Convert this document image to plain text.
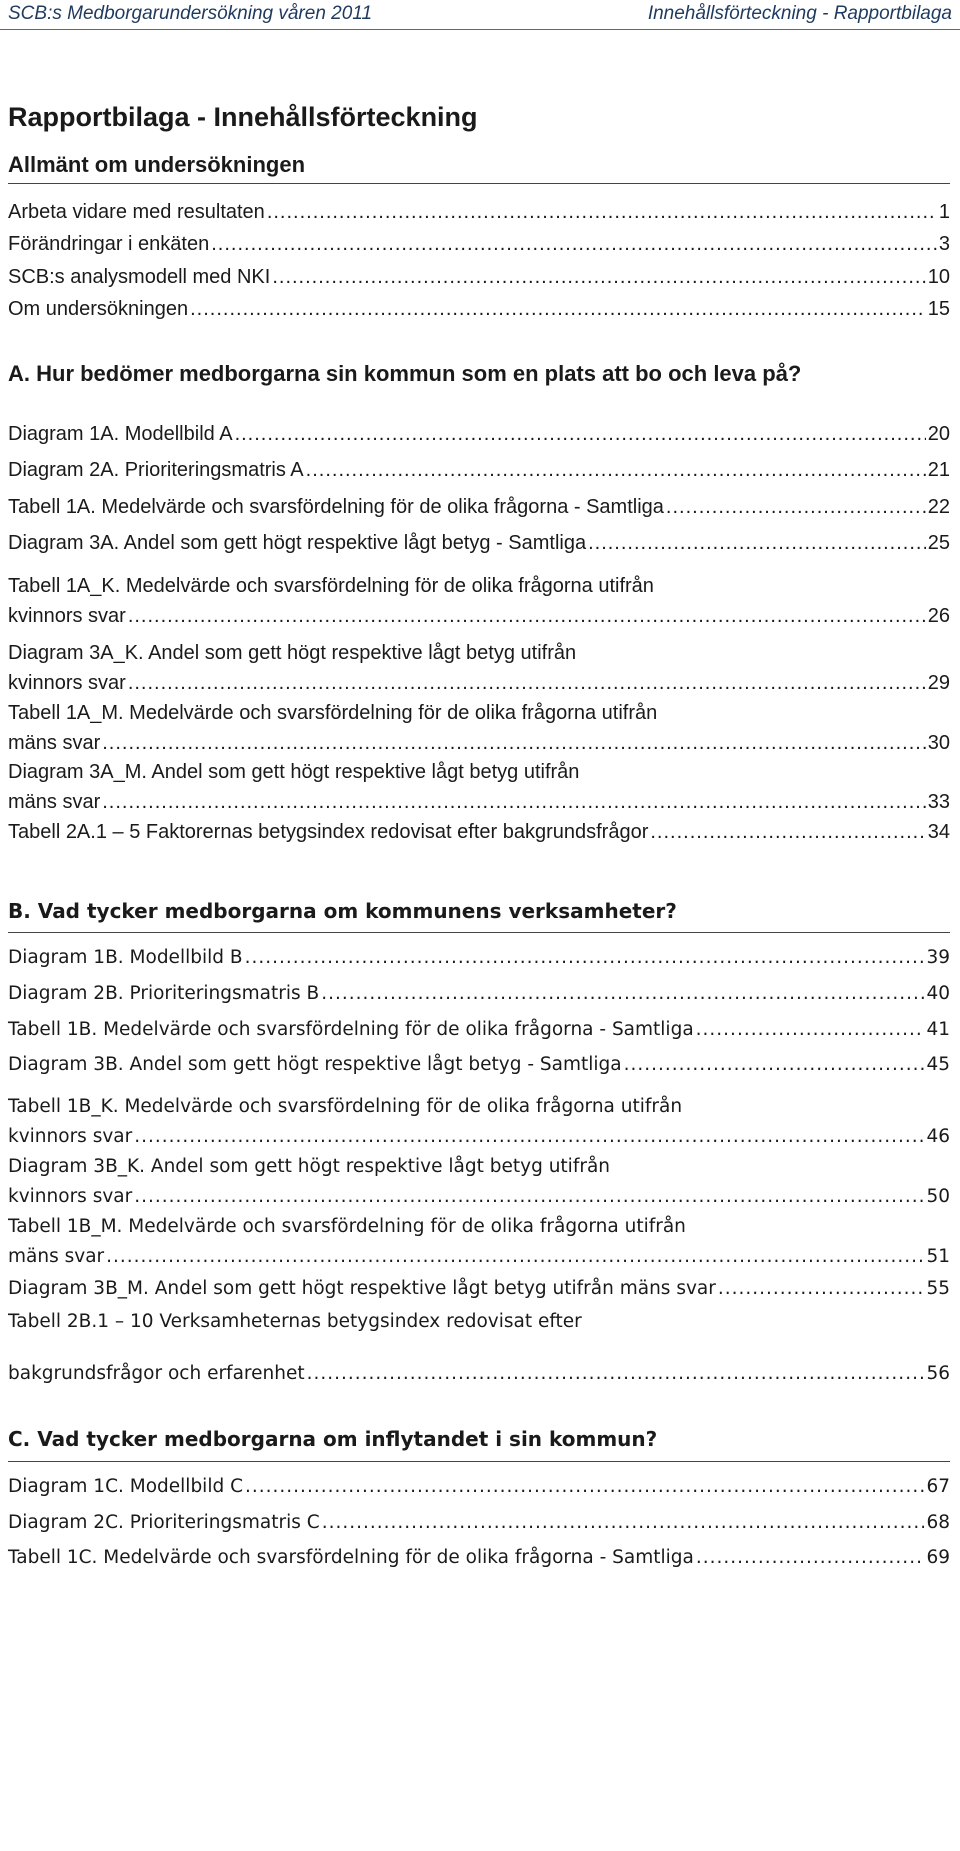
SCB:s Medborgarundersökning våren 2011	Innehållsförteckning - Rapportbilaga
Rapportbilaga - Innehållsförteckning
Allmänt om undersökningen
Arbeta vidare med resultaten .....	1
Förändringar i enkäten .....	3
SCB:s analysmodell med NKI .....	10
Om undersökningen .....	15
A. Hur bedömer medborgarna sin kommun som en plats att bo och leva på?
Diagram 1A. Modellbild A .....	20
Diagram 2A. Prioriteringsmatris A .....	21
Tabell 1A. Medelvärde och svarsfördelning för de olika frågorna - Samtliga .....	22
Diagram 3A. Andel som gett högt respektive lågt betyg - Samtliga .....	25
Tabell 1A_K. Medelvärde och svarsfördelning för de olika frågorna utifrån
kvinnors svar .....	26
Diagram 3A_K. Andel som gett högt respektive lågt betyg utifrån
kvinnors svar .....	29
Tabell 1A_M. Medelvärde och svarsfördelning för de olika frågorna utifrån
mäns svar .....	30
Diagram 3A_M. Andel som gett högt respektive lågt betyg utifrån
mäns svar .....	33
Tabell 2A.1 – 5 Faktorernas betygsindex redovisat efter bakgrundsfrågor .....	34
B. Vad tycker medborgarna om kommunens verksamheter?
Diagram 1B. Modellbild B .....	39
Diagram 2B. Prioriteringsmatris B .....	40
Tabell 1B. Medelvärde och svarsfördelning för de olika frågorna - Samtliga .....	41
Diagram 3B. Andel som gett högt respektive lågt betyg - Samtliga .....	45
Tabell 1B_K. Medelvärde och svarsfördelning för de olika frågorna utifrån
kvinnors svar .....	46
Diagram 3B_K. Andel som gett högt respektive lågt betyg utifrån
kvinnors svar .....	50
Tabell 1B_M. Medelvärde och svarsfördelning för de olika frågorna utifrån
mäns svar .....	51
Diagram 3B_M. Andel som gett högt respektive lågt betyg utifrån mäns svar .....	55
Tabell 2B.1 – 10 Verksamheternas betygsindex redovisat efter
bakgrundsfrågor och erfarenhet .....	56
C. Vad tycker medborgarna om inflytandet i sin kommun?
Diagram 1C. Modellbild C .....	67
Diagram 2C. Prioriteringsmatris C .....	68
Tabell 1C. Medelvärde och svarsfördelning för de olika frågorna - Samtliga .....	69
